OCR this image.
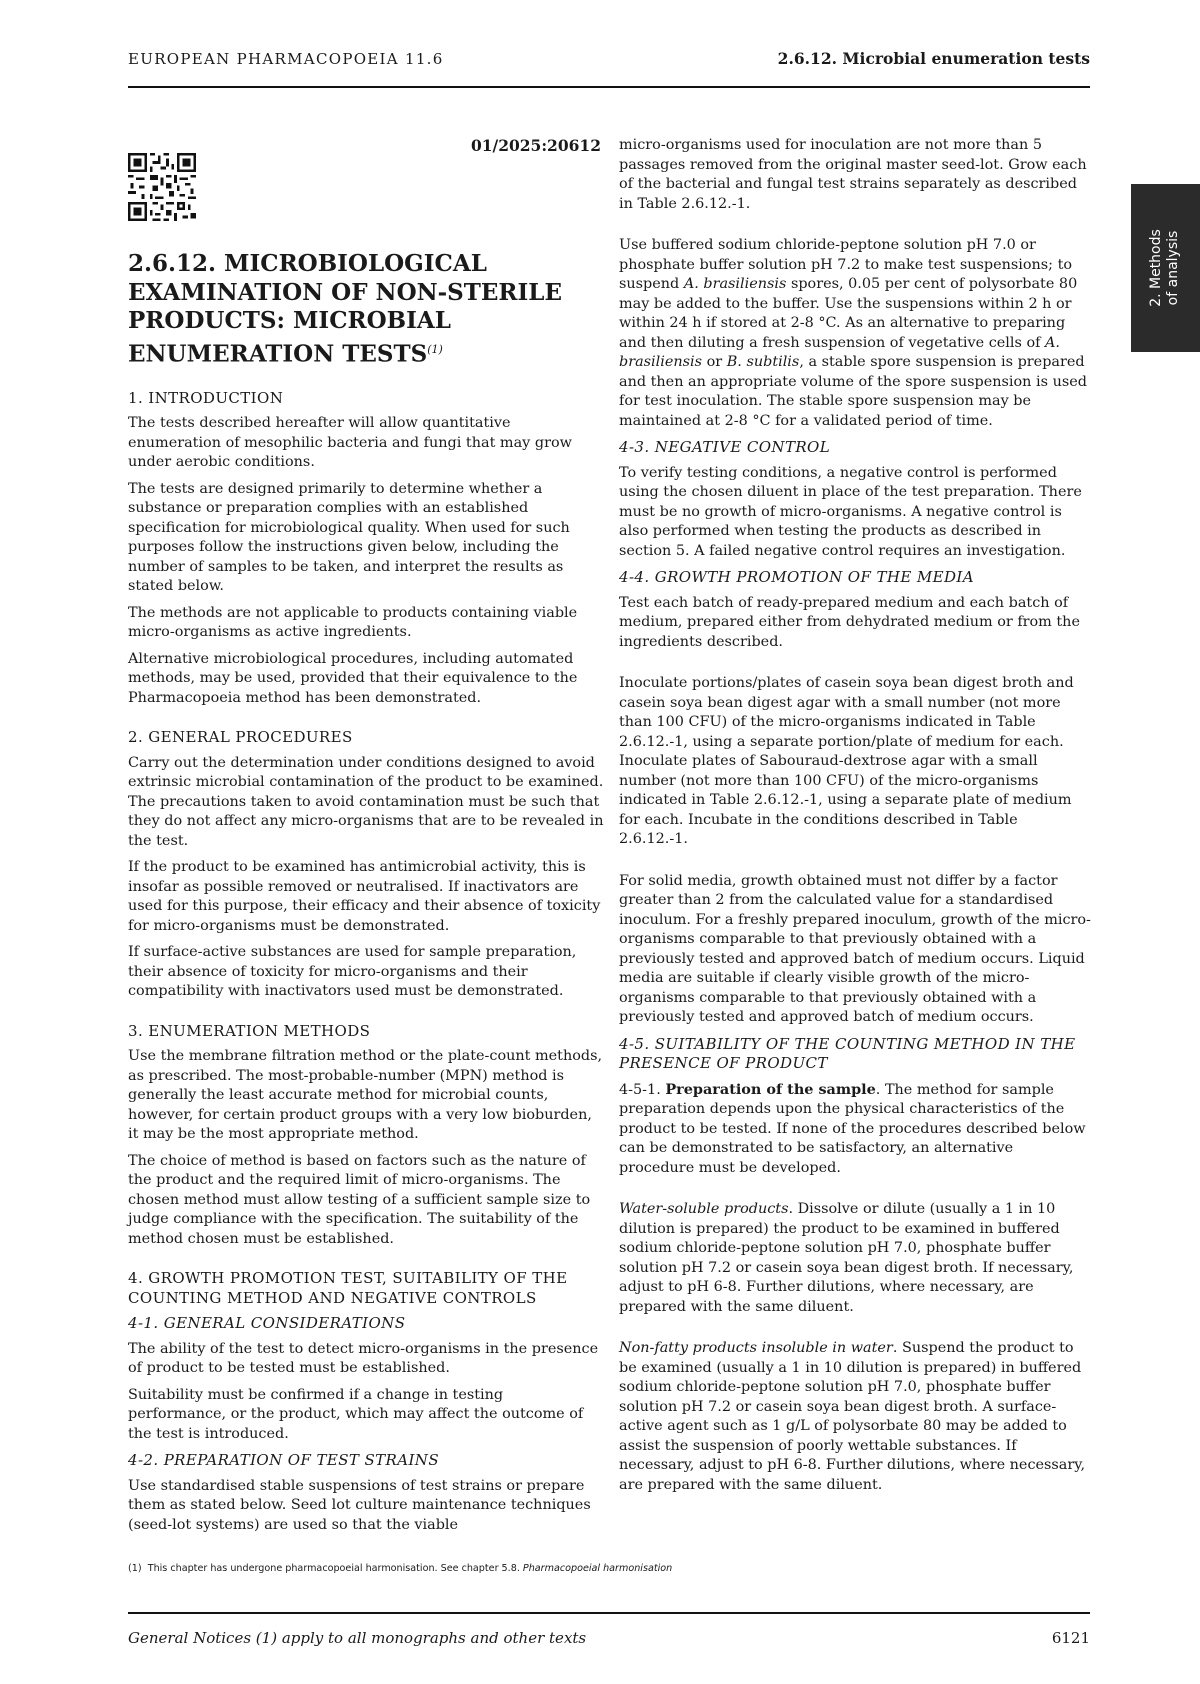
EUROPEAN PHARMACOPOEIA 11.6	2.6.12. Microbial enumeration tests
2. Methods
of analysis
01/2025:20612
2.6.12. MICROBIOLOGICAL EXAMINATION OF NON-STERILE PRODUCTS: MICROBIAL ENUMERATION TESTS$^{(1)}$
1. INTRODUCTION

The tests described hereafter will allow quantitative enumeration of mesophilic bacteria and fungi that may grow under aerobic conditions.

The tests are designed primarily to determine whether a substance or preparation complies with an established specification for microbiological quality. When used for such purposes follow the instructions given below, including the number of samples to be taken, and interpret the results as stated below.

The methods are not applicable to products containing viable micro-organisms as active ingredients.

Alternative microbiological procedures, including automated methods, may be used, provided that their equivalence to the Pharmacopoeia method has been demonstrated.

2. GENERAL PROCEDURES

Carry out the determination under conditions designed to avoid extrinsic microbial contamination of the product to be examined. The precautions taken to avoid contamination must be such that they do not affect any micro-organisms that are to be revealed in the test.

If the product to be examined has antimicrobial activity, this is insofar as possible removed or neutralised. If inactivators are used for this purpose, their efficacy and their absence of toxicity for micro-organisms must be demonstrated.

If surface-active substances are used for sample preparation, their absence of toxicity for micro-organisms and their compatibility with inactivators used must be demonstrated.

3. ENUMERATION METHODS

Use the membrane filtration method or the plate-count methods, as prescribed. The most-probable-number (MPN) method is generally the least accurate method for microbial counts, however, for certain product groups with a very low bioburden, it may be the most appropriate method.

The choice of method is based on factors such as the nature of the product and the required limit of micro-organisms. The chosen method must allow testing of a sufficient sample size to judge compliance with the specification. The suitability of the method chosen must be established.

4. GROWTH PROMOTION TEST, SUITABILITY OF THE COUNTING METHOD AND NEGATIVE CONTROLS
4-1. GENERAL CONSIDERATIONS

The ability of the test to detect micro-organisms in the presence of product to be tested must be established.

Suitability must be confirmed if a change in testing performance, or the product, which may affect the outcome of the test is introduced.

4-2. PREPARATION OF TEST STRAINS

Use standardised stable suspensions of test strains or prepare them as stated below. Seed lot culture maintenance techniques (seed-lot systems) are used so that the viable

micro-organisms used for inoculation are not more than 5 passages removed from the original master seed-lot. Grow each of the bacterial and fungal test strains separately as described in Table 2.6.12.-1.

Use buffered sodium chloride-peptone solution pH 7.0 or phosphate buffer solution pH 7.2 to make test suspensions; to suspend A. brasiliensis spores, 0.05 per cent of polysorbate 80 may be added to the buffer. Use the suspensions within 2 h or within 24 h if stored at 2-8 °C. As an alternative to preparing and then diluting a fresh suspension of vegetative cells of A. brasiliensis or B. subtilis, a stable spore suspension is prepared and then an appropriate volume of the spore suspension is used for test inoculation. The stable spore suspension may be maintained at 2-8 °C for a validated period of time.

4-3. NEGATIVE CONTROL

To verify testing conditions, a negative control is performed using the chosen diluent in place of the test preparation. There must be no growth of micro-organisms. A negative control is also performed when testing the products as described in section 5. A failed negative control requires an investigation.

4-4. GROWTH PROMOTION OF THE MEDIA

Test each batch of ready-prepared medium and each batch of medium, prepared either from dehydrated medium or from the ingredients described.

Inoculate portions/plates of casein soya bean digest broth and casein soya bean digest agar with a small number (not more than 100 CFU) of the micro-organisms indicated in Table 2.6.12.-1, using a separate portion/plate of medium for each. Inoculate plates of Sabouraud-dextrose agar with a small number (not more than 100 CFU) of the micro-organisms indicated in Table 2.6.12.-1, using a separate plate of medium for each. Incubate in the conditions described in Table 2.6.12.-1.

For solid media, growth obtained must not differ by a factor greater than 2 from the calculated value for a standardised inoculum. For a freshly prepared inoculum, growth of the micro-organisms comparable to that previously obtained with a previously tested and approved batch of medium occurs. Liquid media are suitable if clearly visible growth of the micro-organisms comparable to that previously obtained with a previously tested and approved batch of medium occurs.

4-5. SUITABILITY OF THE COUNTING METHOD IN THE PRESENCE OF PRODUCT

4-5-1. Preparation of the sample. The method for sample preparation depends upon the physical characteristics of the product to be tested. If none of the procedures described below can be demonstrated to be satisfactory, an alternative procedure must be developed.

Water-soluble products. Dissolve or dilute (usually a 1 in 10 dilution is prepared) the product to be examined in buffered sodium chloride-peptone solution pH 7.0, phosphate buffer solution pH 7.2 or casein soya bean digest broth. If necessary, adjust to pH 6-8. Further dilutions, where necessary, are prepared with the same diluent.

Non-fatty products insoluble in water. Suspend the product to be examined (usually a 1 in 10 dilution is prepared) in buffered sodium chloride-peptone solution pH 7.0, phosphate buffer solution pH 7.2 or casein soya bean digest broth. A surface-active agent such as 1 g/L of polysorbate 80 may be added to assist the suspension of poorly wettable substances. If necessary, adjust to pH 6-8. Further dilutions, where necessary, are prepared with the same diluent.

(1) This chapter has undergone pharmacopoeial harmonisation. See chapter 5.8. Pharmacopoeial harmonisation
General Notices (1) apply to all monographs and other texts	6121
